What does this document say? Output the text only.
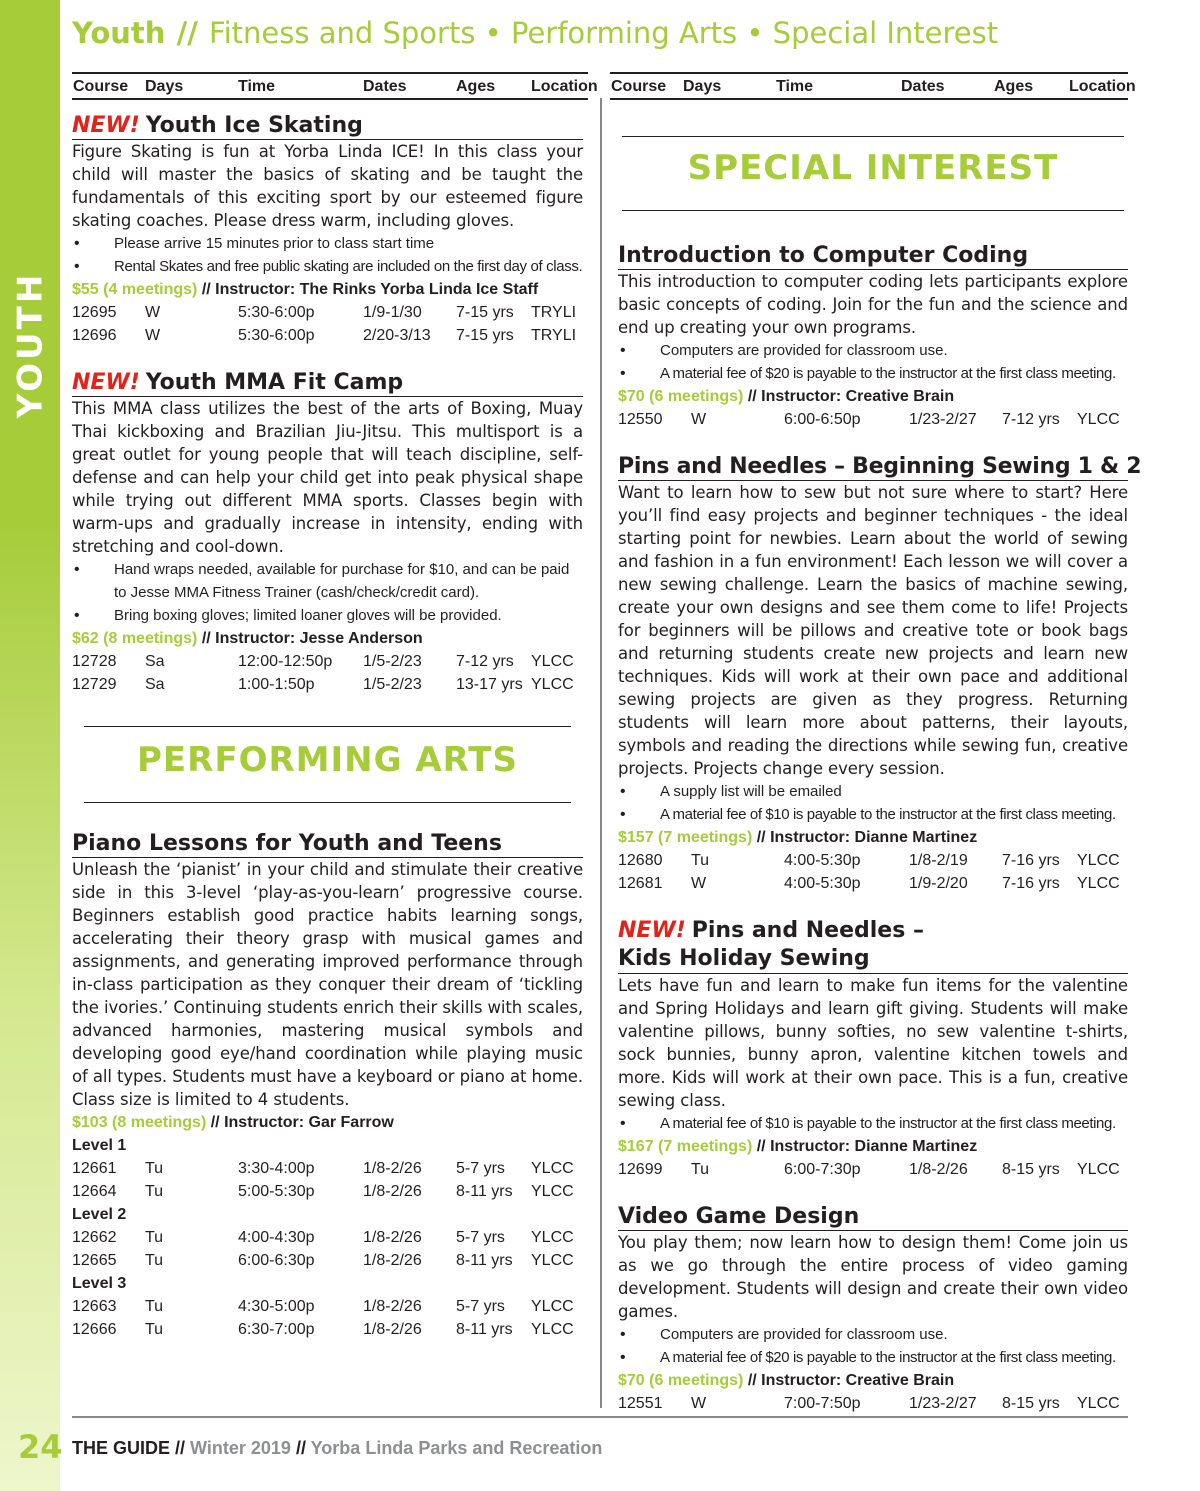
YOUTH
Youth // Fitness and Sports • Performing Arts • Special Interest
Course Days	Time	Dates	Ages Location Course Days	Time	Dates	Ages Location
NEW! Youth Ice Skating

Figure Skating is fun at Yorba Linda ICE! In this class your child will master the basics of skating and be taught the fundamentals of this exciting sport by our esteemed figure skating coaches. Please dress warm, including gloves.

• Please arrive 15 minutes prior to class start time
• Rental Skates and free public skating are included on the first day of class.
$55 (4 meetings) // Instructor: The Rinks Yorba Linda Ice Staff
12695 W	5:30-6:00p	1/9-1/30 7-15 yrs TRYLI
12696 W	5:30-6:00p	2/20-3/13 7-15 yrs TRYLI
NEW! Youth MMA Fit Camp

This MMA class utilizes the best of the arts of Boxing, Muay Thai kickboxing and Brazilian Jiu-Jitsu. This multisport is a great outlet for young people that will teach discipline, self-defense and can help your child get into peak physical shape while trying out different MMA sports. Classes begin with warm-ups and gradually increase in intensity, ending with stretching and cool-down.

• Hand wraps needed, available for purchase for $10, and can be paid to Jesse MMA Fitness Trainer (cash/check/credit card).
• Bring boxing gloves; limited loaner gloves will be provided.
$62 (8 meetings) // Instructor: Jesse Anderson
12728 Sa	12:00-12:50p 1/5-2/23 7-12 yrs YLCC
12729 Sa	1:00-1:50p	1/5-2/23 13-17 yrs YLCC
PERFORMING ARTS
Piano Lessons for Youth and Teens

Unleash the ‘pianist’ in your child and stimulate their creative side in this 3-level ‘play-as-you-learn’ progressive course. Beginners establish good practice habits learning songs, accelerating their theory grasp with musical games and assignments, and generating improved performance through in-class participation as they conquer their dream of ‘tickling the ivories.’ Continuing students enrich their skills with scales, advanced harmonies, mastering musical symbols and developing good eye/hand coordination while playing music of all types. Students must have a keyboard or piano at home. Class size is limited to 4 students.

$103 (8 meetings) // Instructor: Gar Farrow
Level 1
12661 Tu	3:30-4:00p	1/8-2/26 5-7 yrs YLCC
12664 Tu	5:00-5:30p	1/8-2/26 8-11 yrs YLCC
Level 2
12662 Tu	4:00-4:30p	1/8-2/26 5-7 yrs YLCC
12665 Tu	6:00-6:30p	1/8-2/26 8-11 yrs YLCC
Level 3
12663 Tu	4:30-5:00p	1/8-2/26 5-7 yrs YLCC
12666 Tu	6:30-7:00p	1/8-2/26 8-11 yrs YLCC
SPECIAL INTEREST
Introduction to Computer Coding

This introduction to computer coding lets participants explore basic concepts of coding. Join for the fun and the science and end up creating your own programs.

• Computers are provided for classroom use.
• A material fee of $20 is payable to the instructor at the first class meeting.
$70 (6 meetings) // Instructor: Creative Brain
12550 W	6:00-6:50p	1/23-2/27 7-12 yrs YLCC
Pins and Needles – Beginning Sewing 1 & 2

Want to learn how to sew but not sure where to start? Here you’ll find easy projects and beginner techniques - the ideal starting point for newbies. Learn about the world of sewing and fashion in a fun environment! Each lesson we will cover a new sewing challenge. Learn the basics of machine sewing, create your own designs and see them come to life! Projects for beginners will be pillows and creative tote or book bags and returning students create new projects and learn new techniques. Kids will work at their own pace and additional sewing projects are given as they progress. Returning students will learn more about patterns, their layouts, symbols and reading the directions while sewing fun, creative projects. Projects change every session.

• A supply list will be emailed
• A material fee of $10 is payable to the instructor at the first class meeting.
$157 (7 meetings) // Instructor: Dianne Martinez
12680 Tu	4:00-5:30p	1/8-2/19 7-16 yrs YLCC
12681 W	4:00-5:30p	1/9-2/20 7-16 yrs YLCC
NEW! Pins and Needles –
Kids Holiday Sewing

Lets have fun and learn to make fun items for the valentine and Spring Holidays and learn gift giving. Students will make valentine pillows, bunny softies, no sew valentine t-shirts, sock bunnies, bunny apron, valentine kitchen towels and more. Kids will work at their own pace. This is a fun, creative sewing class.

• A material fee of $10 is payable to the instructor at the first class meeting.
$167 (7 meetings) // Instructor: Dianne Martinez
12699 Tu	6:00-7:30p	1/8-2/26 8-15 yrs YLCC
Video Game Design

You play them; now learn how to design them! Come join us as we go through the entire process of video gaming development. Students will design and create their own video games.

• Computers are provided for classroom use.
• A material fee of $20 is payable to the instructor at the first class meeting.
$70 (6 meetings) // Instructor: Creative Brain
12551 W	7:00-7:50p	1/23-2/27 8-15 yrs YLCC
24 THE GUIDE // Winter 2019 // Yorba Linda Parks and Recreation
